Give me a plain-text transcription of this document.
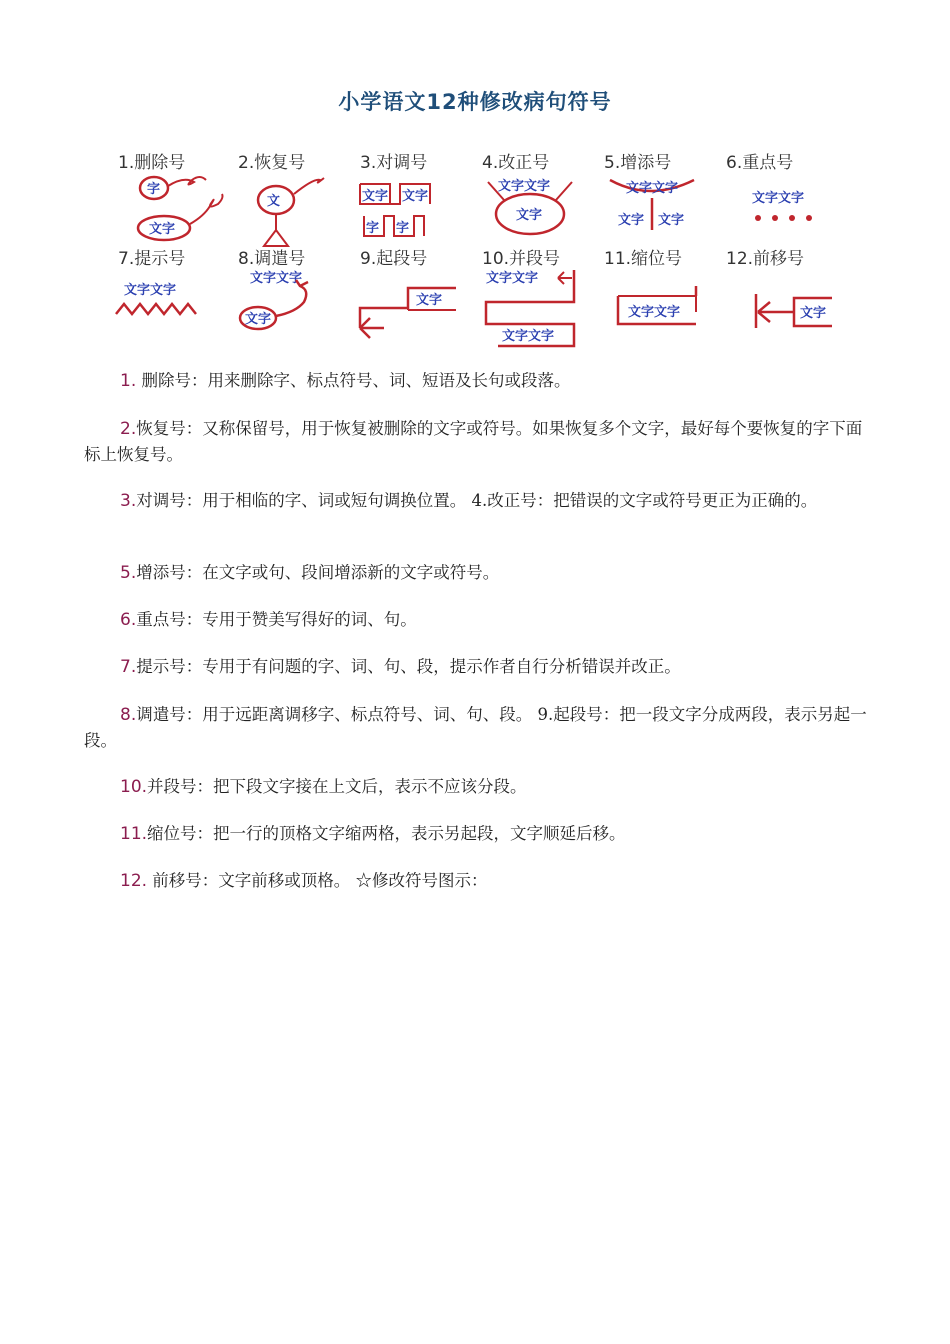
小学语文12种修改病句符号
1.删除号
字
文字
2.恢复号
文
3.对调号
文字 文字
字 字
4.改正号
文字文字
文字
5.增添号
文字文字
文字 文字
6.重点号
文字文字
7.提示号
文字文字
8.调遣号
文字文字
文字
9.起段号
文字
10.并段号
文字文字
文字文字
11.缩位号
文字文字
12.前移号
文字

1. 删除号：用来删除字、标点符号、词、短语及长句或段落。

2.恢复号：又称保留号，用于恢复被删除的文字或符号。如果恢复多个文字，最好每个要恢复的字下面标上恢复号。

3.对调号：用于相临的字、词或短句调换位置。 4.改正号：把错误的文字或符号更正为正确的。

5.增添号：在文字或句、段间增添新的文字或符号。

6.重点号：专用于赞美写得好的词、句。

7.提示号：专用于有问题的字、词、句、段，提示作者自行分析错误并改正。

8.调遣号：用于远距离调移字、标点符号、词、句、段。 9.起段号：把一段文字分成两段，表示另起一段。

10.并段号：把下段文字接在上文后，表示不应该分段。

11.缩位号：把一行的顶格文字缩两格，表示另起段，文字顺延后移。

12. 前移号：文字前移或顶格。 ☆修改符号图示：
